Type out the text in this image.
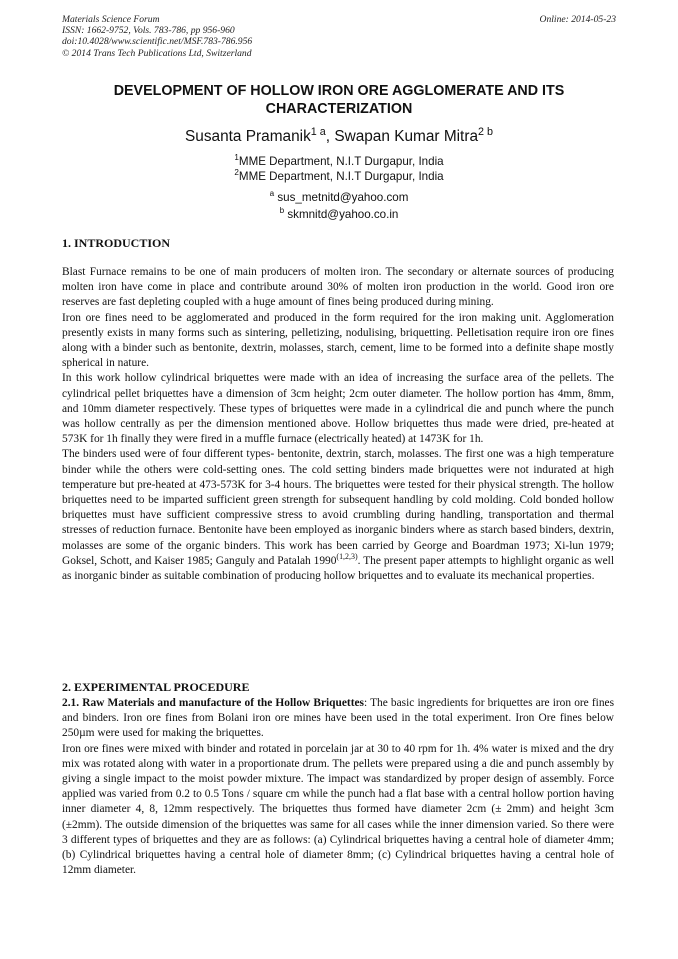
Materials Science Forum
ISSN: 1662-9752, Vols. 783-786, pp 956-960
doi:10.4028/www.scientific.net/MSF.783-786.956
© 2014 Trans Tech Publications Ltd, Switzerland
Online: 2014-05-23
DEVELOPMENT OF HOLLOW IRON ORE AGGLOMERATE AND ITS
CHARACTERIZATION
Susanta Pramanik$^{1 a}$, Swapan Kumar Mitra$^{2 b}$
$^1$MME Department, N.I.T Durgapur, India
$^2$MME Department, N.I.T Durgapur, India
$^a$ sus_metnitd@yahoo.com
$^b$ skmnitd@yahoo.co.in
1. INTRODUCTION

Blast Furnace remains to be one of main producers of molten iron. The secondary or alternate sources of producing molten iron have come in place and contribute around 30% of molten iron production in the world. Good iron ore reserves are fast depleting coupled with a huge amount of fines being produced during mining.

Iron ore fines need to be agglomerated and produced in the form required for the iron making unit. Agglomeration presently exists in many forms such as sintering, pelletizing, nodulising, briquetting. Pelletisation require iron ore fines along with a binder such as bentonite, dextrin, molasses, starch, cement, lime to be formed into a definite shape mostly spherical in nature.

In this work hollow cylindrical briquettes were made with an idea of increasing the surface area of the pellets. The cylindrical pellet briquettes have a dimension of 3cm height; 2cm outer diameter. The hollow portion has 4mm, 8mm, and 10mm diameter respectively. These types of briquettes were made in a cylindrical die and punch where the punch was hollow centrally as per the dimension mentioned above. Hollow briquettes thus made were dried, pre-heated at 573K for 1h finally they were fired in a muffle furnace (electrically heated) at 1473K for 1h.

The binders used were of four different types- bentonite, dextrin, starch, molasses. The first one was a high temperature binder while the others were cold-setting ones. The cold setting binders made briquettes were not indurated at high temperature but pre-heated at 473-573K for 3-4 hours. The briquettes were tested for their physical strength. The hollow briquettes need to be imparted sufficient green strength for subsequent handling by cold molding. Cold bonded hollow briquettes must have sufficient compressive stress to avoid crumbling during handling, transportation and thermal stresses of reduction furnace. Bentonite have been employed as inorganic binders where as starch based binders, dextrin, molasses are some of the organic binders. This work has been carried by George and Boardman 1973; Xi-lun 1979; Goksel, Schott, and Kaiser 1985; Ganguly and Patalah 1990$^{(1,2,3)}$. The present paper attempts to highlight organic as well as inorganic binder as suitable combination of producing hollow briquettes and to evaluate its mechanical properties.

2. EXPERIMENTAL PROCEDURE

2.1. Raw Materials and manufacture of the Hollow Briquettes: The basic ingredients for briquettes are iron ore fines and binders. Iron ore fines from Bolani iron ore mines have been used in the total experiment. Iron Ore fines below 250µm were used for making the briquettes.

Iron ore fines were mixed with binder and rotated in porcelain jar at 30 to 40 rpm for 1h. 4% water is mixed and the dry mix was rotated along with water in a proportionate drum. The pellets were prepared using a die and punch assembly by giving a single impact to the moist powder mixture. The impact was standardized by proper design of assembly. Force applied was varied from 0.2 to 0.5 Tons / square cm while the punch had a flat base with a central hollow portion having inner diameter 4, 8, 12mm respectively. The briquettes thus formed have diameter 2cm (± 2mm) and height 3cm (±2mm). The outside dimension of the briquettes was same for all cases while the inner dimension varied. So there were 3 different types of briquettes and they are as follows: (a) Cylindrical briquettes having a central hole of diameter 4mm; (b) Cylindrical briquettes having a central hole of diameter 8mm; (c) Cylindrical briquettes having a central hole of 12mm diameter.
